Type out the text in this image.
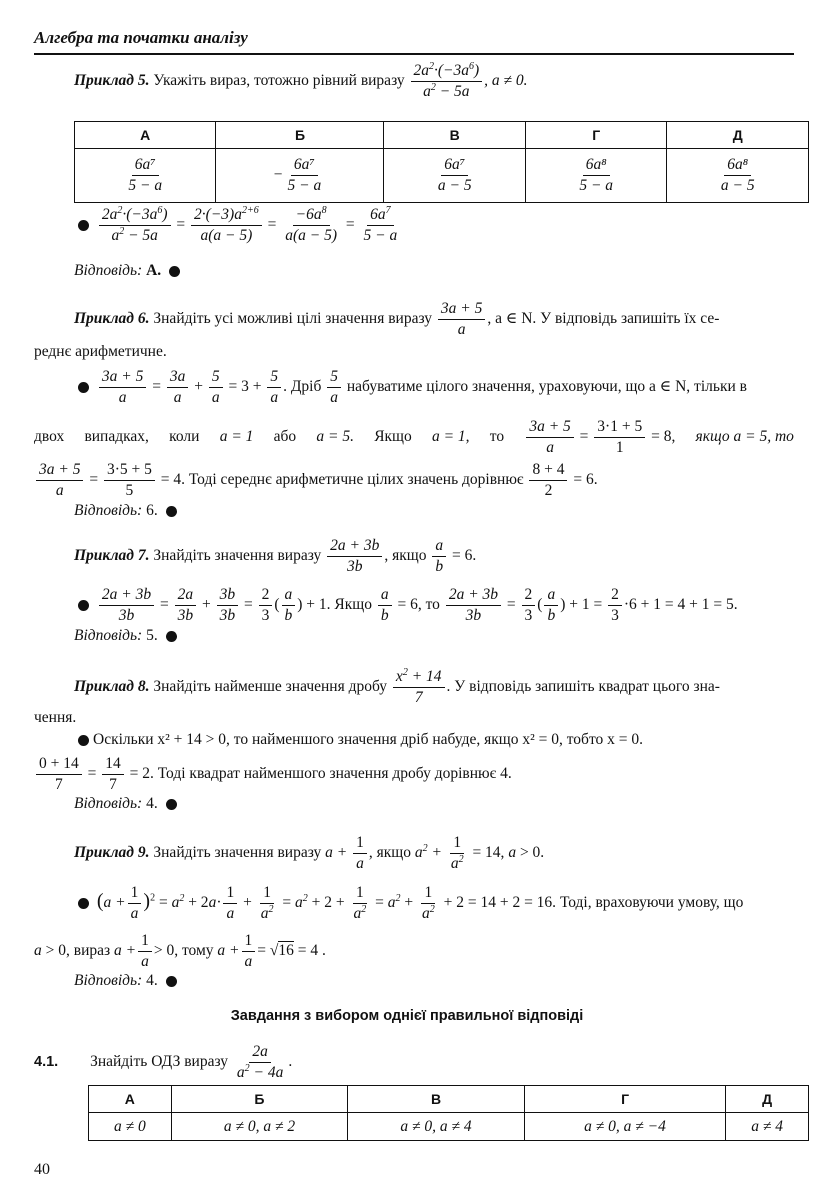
Алгебра та початки аналізу
Приклад 5. Укажіть вираз, тотожно рівний виразу $\frac{2a^2\cdot(-3a^6)}{a^2 - 5a}$ , a ≠ 0.
А	Б	В	Г	Д

$\frac{\text{6a⁷}}{5 - a}$	− $\frac{\text{6a⁷}}{5 - a}$	$\frac{\text{6a⁷}}{a - 5}$	$\frac{\text{6a⁸}}{5 - a}$	$\frac{\text{6a⁸}}{a - 5}$

$\frac{2a^2\cdot(-3a^6)}{a^2 - 5a} = \frac{2\cdot(-3)a^{2+6}}{a(a - 5)} = \frac{-6a^8}{a(a - 5)} = \frac{6a^7}{5 - a}$
Відповідь: А.
Приклад 6. Знайдіть усі можливі цілі значення виразу $\frac{3a + 5}{a}$ , a ∈ N. У відповідь запишіть їх се-
реднє арифметичне.

$\frac{3a + 5}{a} = \frac{3a}{a} + \frac{5}{a} = 3 + \frac{5}{a}$ . Дріб $\frac{5}{a}$ набуватиме цілого значення, ураховуючи, що a ∈ N, тільки в
двох випадках, коли a = 1 або a = 5. Якщо a = 1, то $\frac{3a + 5}{a} = \frac{3\cdot 1 + 5}{1} = 8$, якщо a = 5, то
$\frac{3a + 5}{a} = \frac{3\cdot 5 + 5}{5} = 4$. Тоді середнє арифметичне цілих значень дорівнює $\frac{8 + 4}{2} = 6$.
Відповідь: 6.
Приклад 7. Знайдіть значення виразу $\frac{2a + 3b}{3b}$ , якщо $\frac{a}{b} = 6$.

$\frac{2a + 3b}{3b} = \frac{2a}{3b} + \frac{3b}{3b} = \frac{2}{3}$ ( $\frac{a}{b}$ ) + 1. Якщо $\frac{a}{b} = 6$, то $\frac{2a + 3b}{3b} = \frac{2}{3}$ ( $\frac{a}{b}$ ) + $1 = \frac{2}{3} \cdot 6 + 1 = 4 + 1 = 5$.
Відповідь: 5.
Приклад 8. Знайдіть найменше значення дробу $\frac{x^2 + 14}{7}$ . У відповідь запишіть квадрат цього зна-
чення.
Оскільки x² + 14 > 0, то найменшого значення дріб набуде, якщо x² = 0, тобто x = 0.
$\frac{0 + 14}{7} = \frac{14}{7} = 2$. Тоді квадрат найменшого значення дробу дорівнює 4.
Відповідь: 4.
Приклад 9. Знайдіть значення виразу $a + \frac{1}{a}$ , якщо $a^2 + \frac{1}{a^2} = 14$, a > 0.
$(a + \frac{1}{a} )^2 = a^2 + 2a\cdot \frac{1}{a} + \frac{1}{a^2} = a^2 + 2 + \frac{1}{a^2} = a^2 + \frac{1}{a^2} + 2 = 14 + 2 = 16$. Тоді, враховуючи умову, що
a > 0, вираз $a + \frac{1}{a} > 0$, тому $a + \frac{1}{a} = √16 = 4$ .
Відповідь: 4.
Завдання з вибором однієї правильної відповіді
4.1. Знайдіть ОДЗ виразу $\frac{2a}{a^2 - 4a}$ .
А	Б	В	Г	Д
a ≠ 0	a ≠ 0, a ≠ 2	a ≠ 0, a ≠ 4	a ≠ 0, a ≠ −4	a ≠ 4
40
